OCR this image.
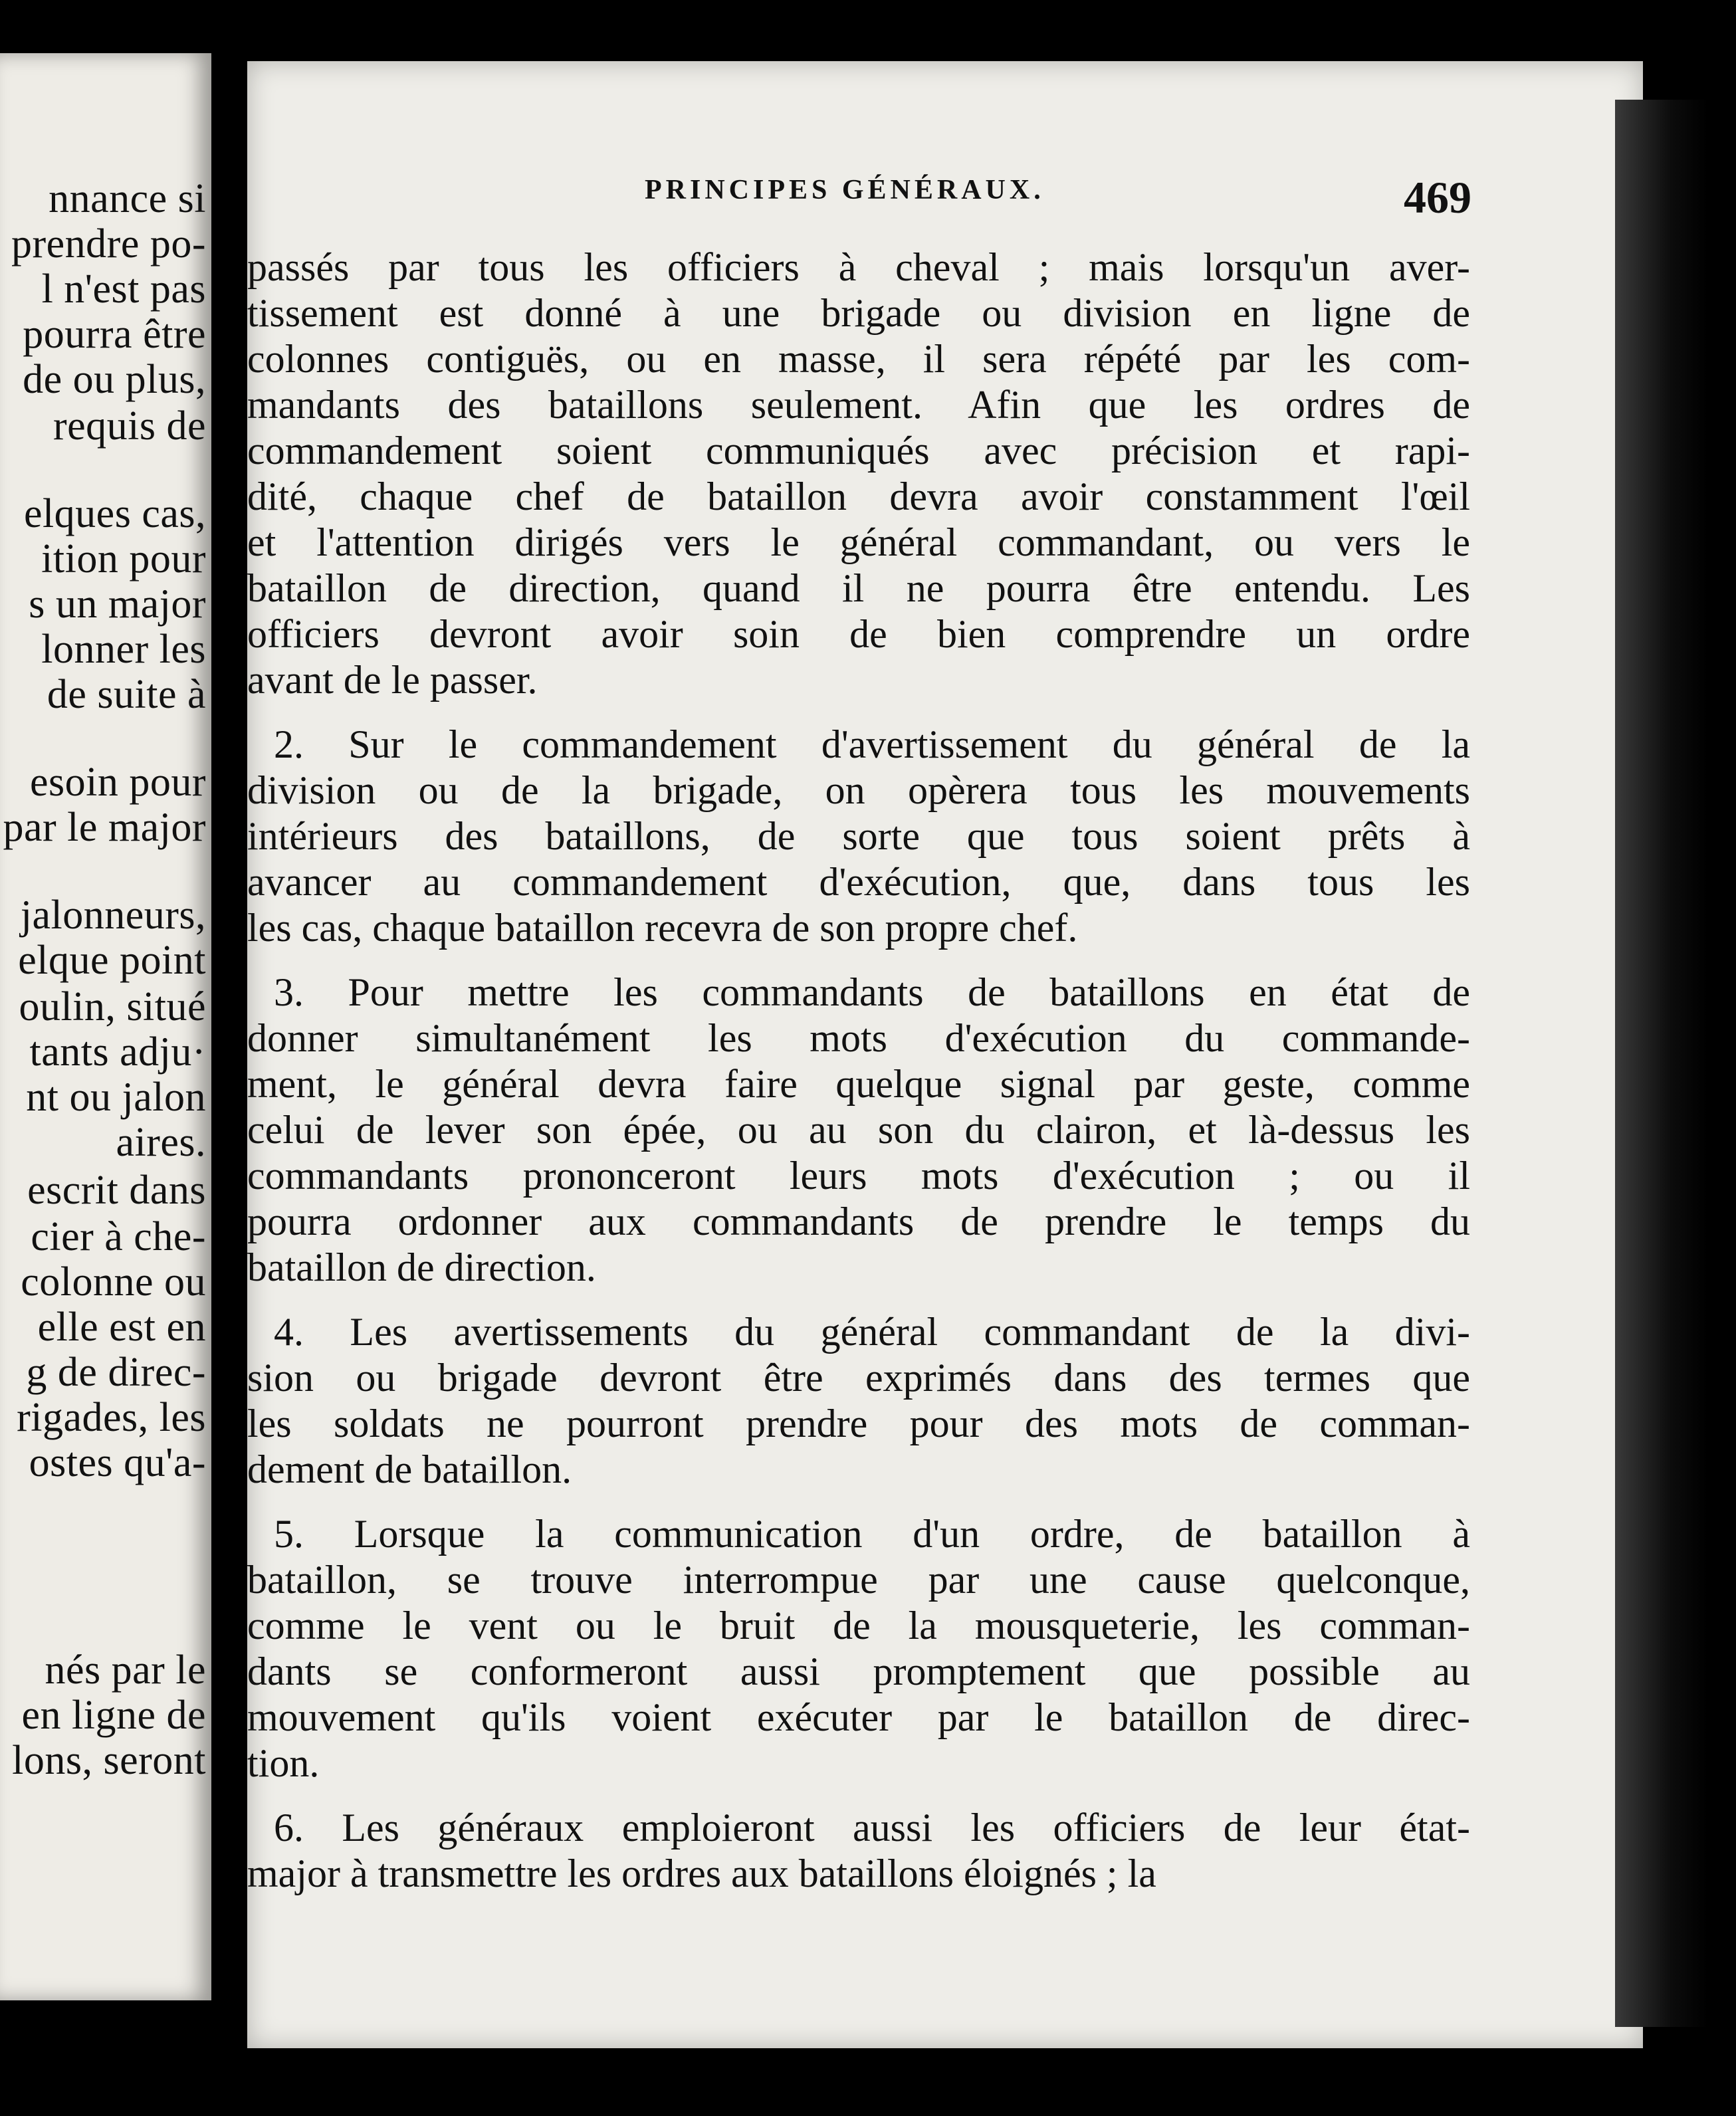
nnance si
prendre po-
l n'est pas
pourra être
de ou plus,
requis de
elques cas,
ition pour
s un major
lonner les
de suite à
esoin pour
par le major
jalonneurs,
elque point
oulin, situé
tants adju·
nt ou jalon
aires.
escrit dans
cier à che-
colonne ou
elle est en
g de direc-
rigades, les
ostes qu'a-
nés par le
en ligne de
lons, seront
PRINCIPES GÉNÉRAUX.	469
passés par tous les officiers à cheval ; mais lorsqu'un aver-
tissement est donné à une brigade ou division en ligne de
colonnes contiguës, ou en masse, il sera répété par les com-
mandants des bataillons seulement. Afin que les ordres de
commandement soient communiqués avec précision et rapi-
dité, chaque chef de bataillon devra avoir constamment l'œil
et l'attention dirigés vers le général commandant, ou vers le
bataillon de direction, quand il ne pourra être entendu. Les
officiers devront avoir soin de bien comprendre un ordre
avant de le passer.
2. Sur le commandement d'avertissement du général de la
division ou de la brigade, on opèrera tous les mouvements
intérieurs des bataillons, de sorte que tous soient prêts à
avancer au commandement d'exécution, que, dans tous les
les cas, chaque bataillon recevra de son propre chef.
3. Pour mettre les commandants de bataillons en état de
donner simultanément les mots d'exécution du commande-
ment, le général devra faire quelque signal par geste, comme
celui de lever son épée, ou au son du clairon, et là-dessus les
commandants prononceront leurs mots d'exécution ; ou il
pourra ordonner aux commandants de prendre le temps du
bataillon de direction.
4. Les avertissements du général commandant de la divi-
sion ou brigade devront être exprimés dans des termes que
les soldats ne pourront prendre pour des mots de comman-
dement de bataillon.
5. Lorsque la communication d'un ordre, de bataillon à
bataillon, se trouve interrompue par une cause quelconque,
comme le vent ou le bruit de la mousqueterie, les comman-
dants se conformeront aussi promptement que possible au
mouvement qu'ils voient exécuter par le bataillon de direc-
tion.
6. Les généraux emploieront aussi les officiers de leur état-
major à transmettre les ordres aux bataillons éloignés ; la
